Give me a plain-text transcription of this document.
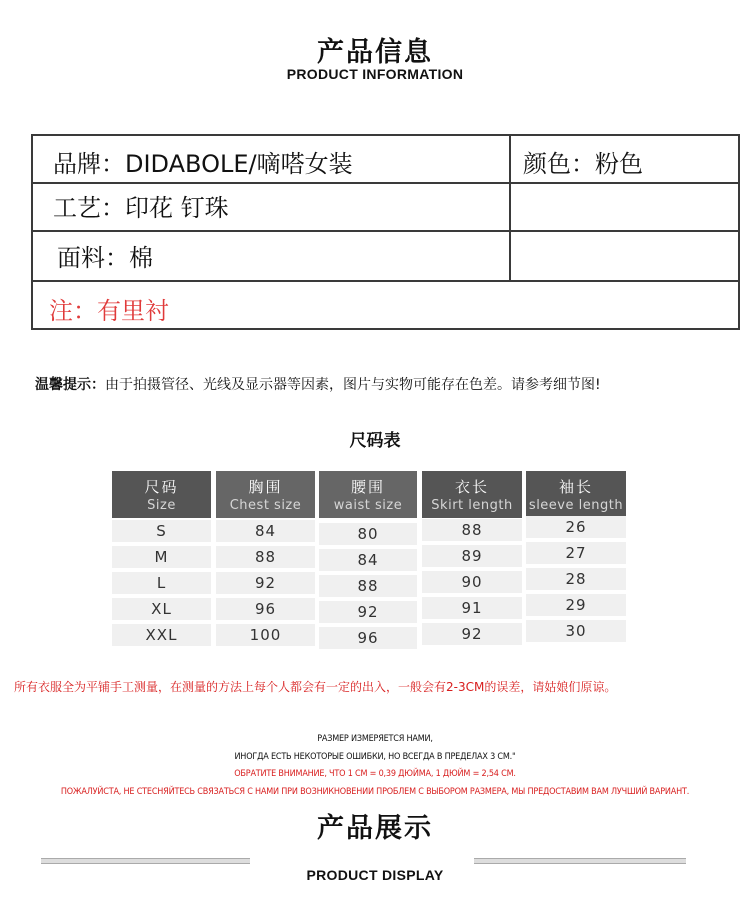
产品信息
PRODUCT INFORMATION
品牌：DIDABOLE/嘀嗒女装	颜色：粉色
工艺：印花 钉珠
面料：棉
注：有里衬
温馨提示：由于拍摄管径、光线及显示器等因素，图片与实物可能存在色差。请参考细节图!
尺码表
尺码
Size
S
M
L
XL
XXL
胸围
Chest size
84
88
92
96
100
腰围
waist size
80
84
88
92
96
衣长
Skirt length
88
89
90
91
92
袖长
sleeve length
26
27
28
29
30
所有衣服全为平铺手工测量，在测量的方法上每个人都会有一定的出入，一般会有2-3CM的误差，请姑娘们原谅。
РАЗМЕР ИЗМЕРЯЕТСЯ НАМИ,
ИНОГДА ЕСТЬ НЕКОТОРЫЕ ОШИБКИ, НО ВСЕГДА В ПРЕДЕЛАХ 3 СМ."
ОБРАТИТЕ ВНИМАНИЕ, ЧТО 1 СМ = 0,39 ДЮЙМА, 1 ДЮЙМ = 2,54 СМ.
ПОЖАЛУЙСТА, НЕ СТЕСНЯЙТЕСЬ СВЯЗАТЬСЯ С НАМИ ПРИ ВОЗНИКНОВЕНИИ ПРОБЛЕМ С ВЫБОРОМ РАЗМЕРА, МЫ ПРЕДОСТАВИМ ВАМ ЛУЧШИЙ ВАРИАНТ.
产品展示
PRODUCT DISPLAY
